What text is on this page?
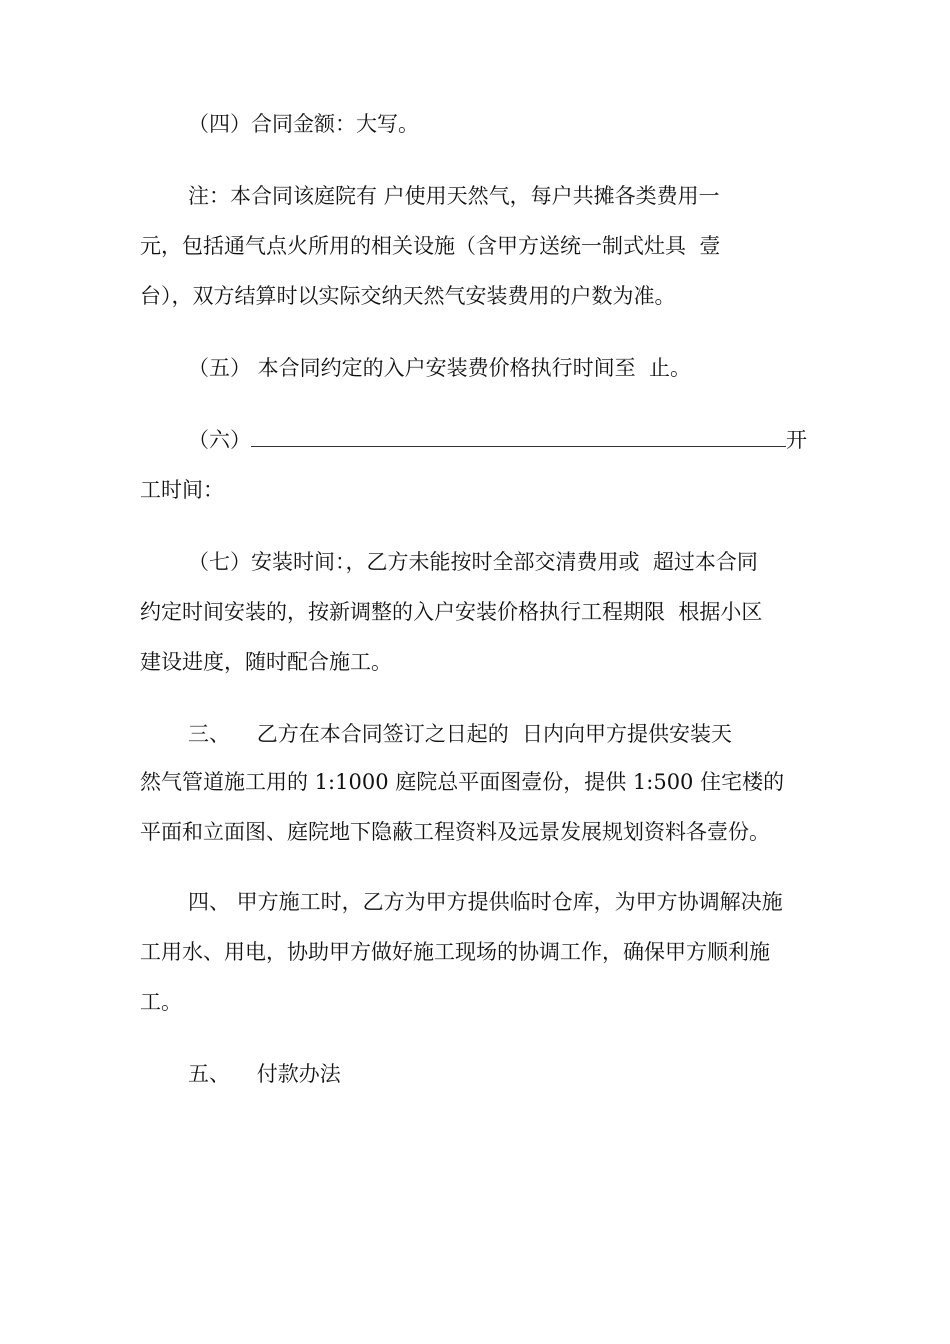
（四）合同金额：大写。

注：本合同该庭院有 户使用天然气，每户共摊各类费用一

元，包括通气点火所用的相关设施（含甲方送统一制式灶具  壹

台），双方结算时以实际交纳天然气安装费用的户数为准。

（五） 本合同约定的入户安装费价格执行时间至  止。

（六）	开

工时间：

（七）安装时间：，乙方未能按时全部交清费用或  超过本合同

约定时间安装的，按新调整的入户安装价格执行工程期限  根据小区

建设进度，随时配合施工。

三、    乙方在本合同签订之日起的  日内向甲方提供安装天

然气管道施工用的 1:1000 庭院总平面图壹份，提供 1:500 住宅楼的

平面和立面图、庭院地下隐蔽工程资料及远景发展规划资料各壹份。

四、 甲方施工时，乙方为甲方提供临时仓库，为甲方协调解决施

工用水、用电，协助甲方做好施工现场的协调工作，确保甲方顺利施

工。

五、    付款办法
